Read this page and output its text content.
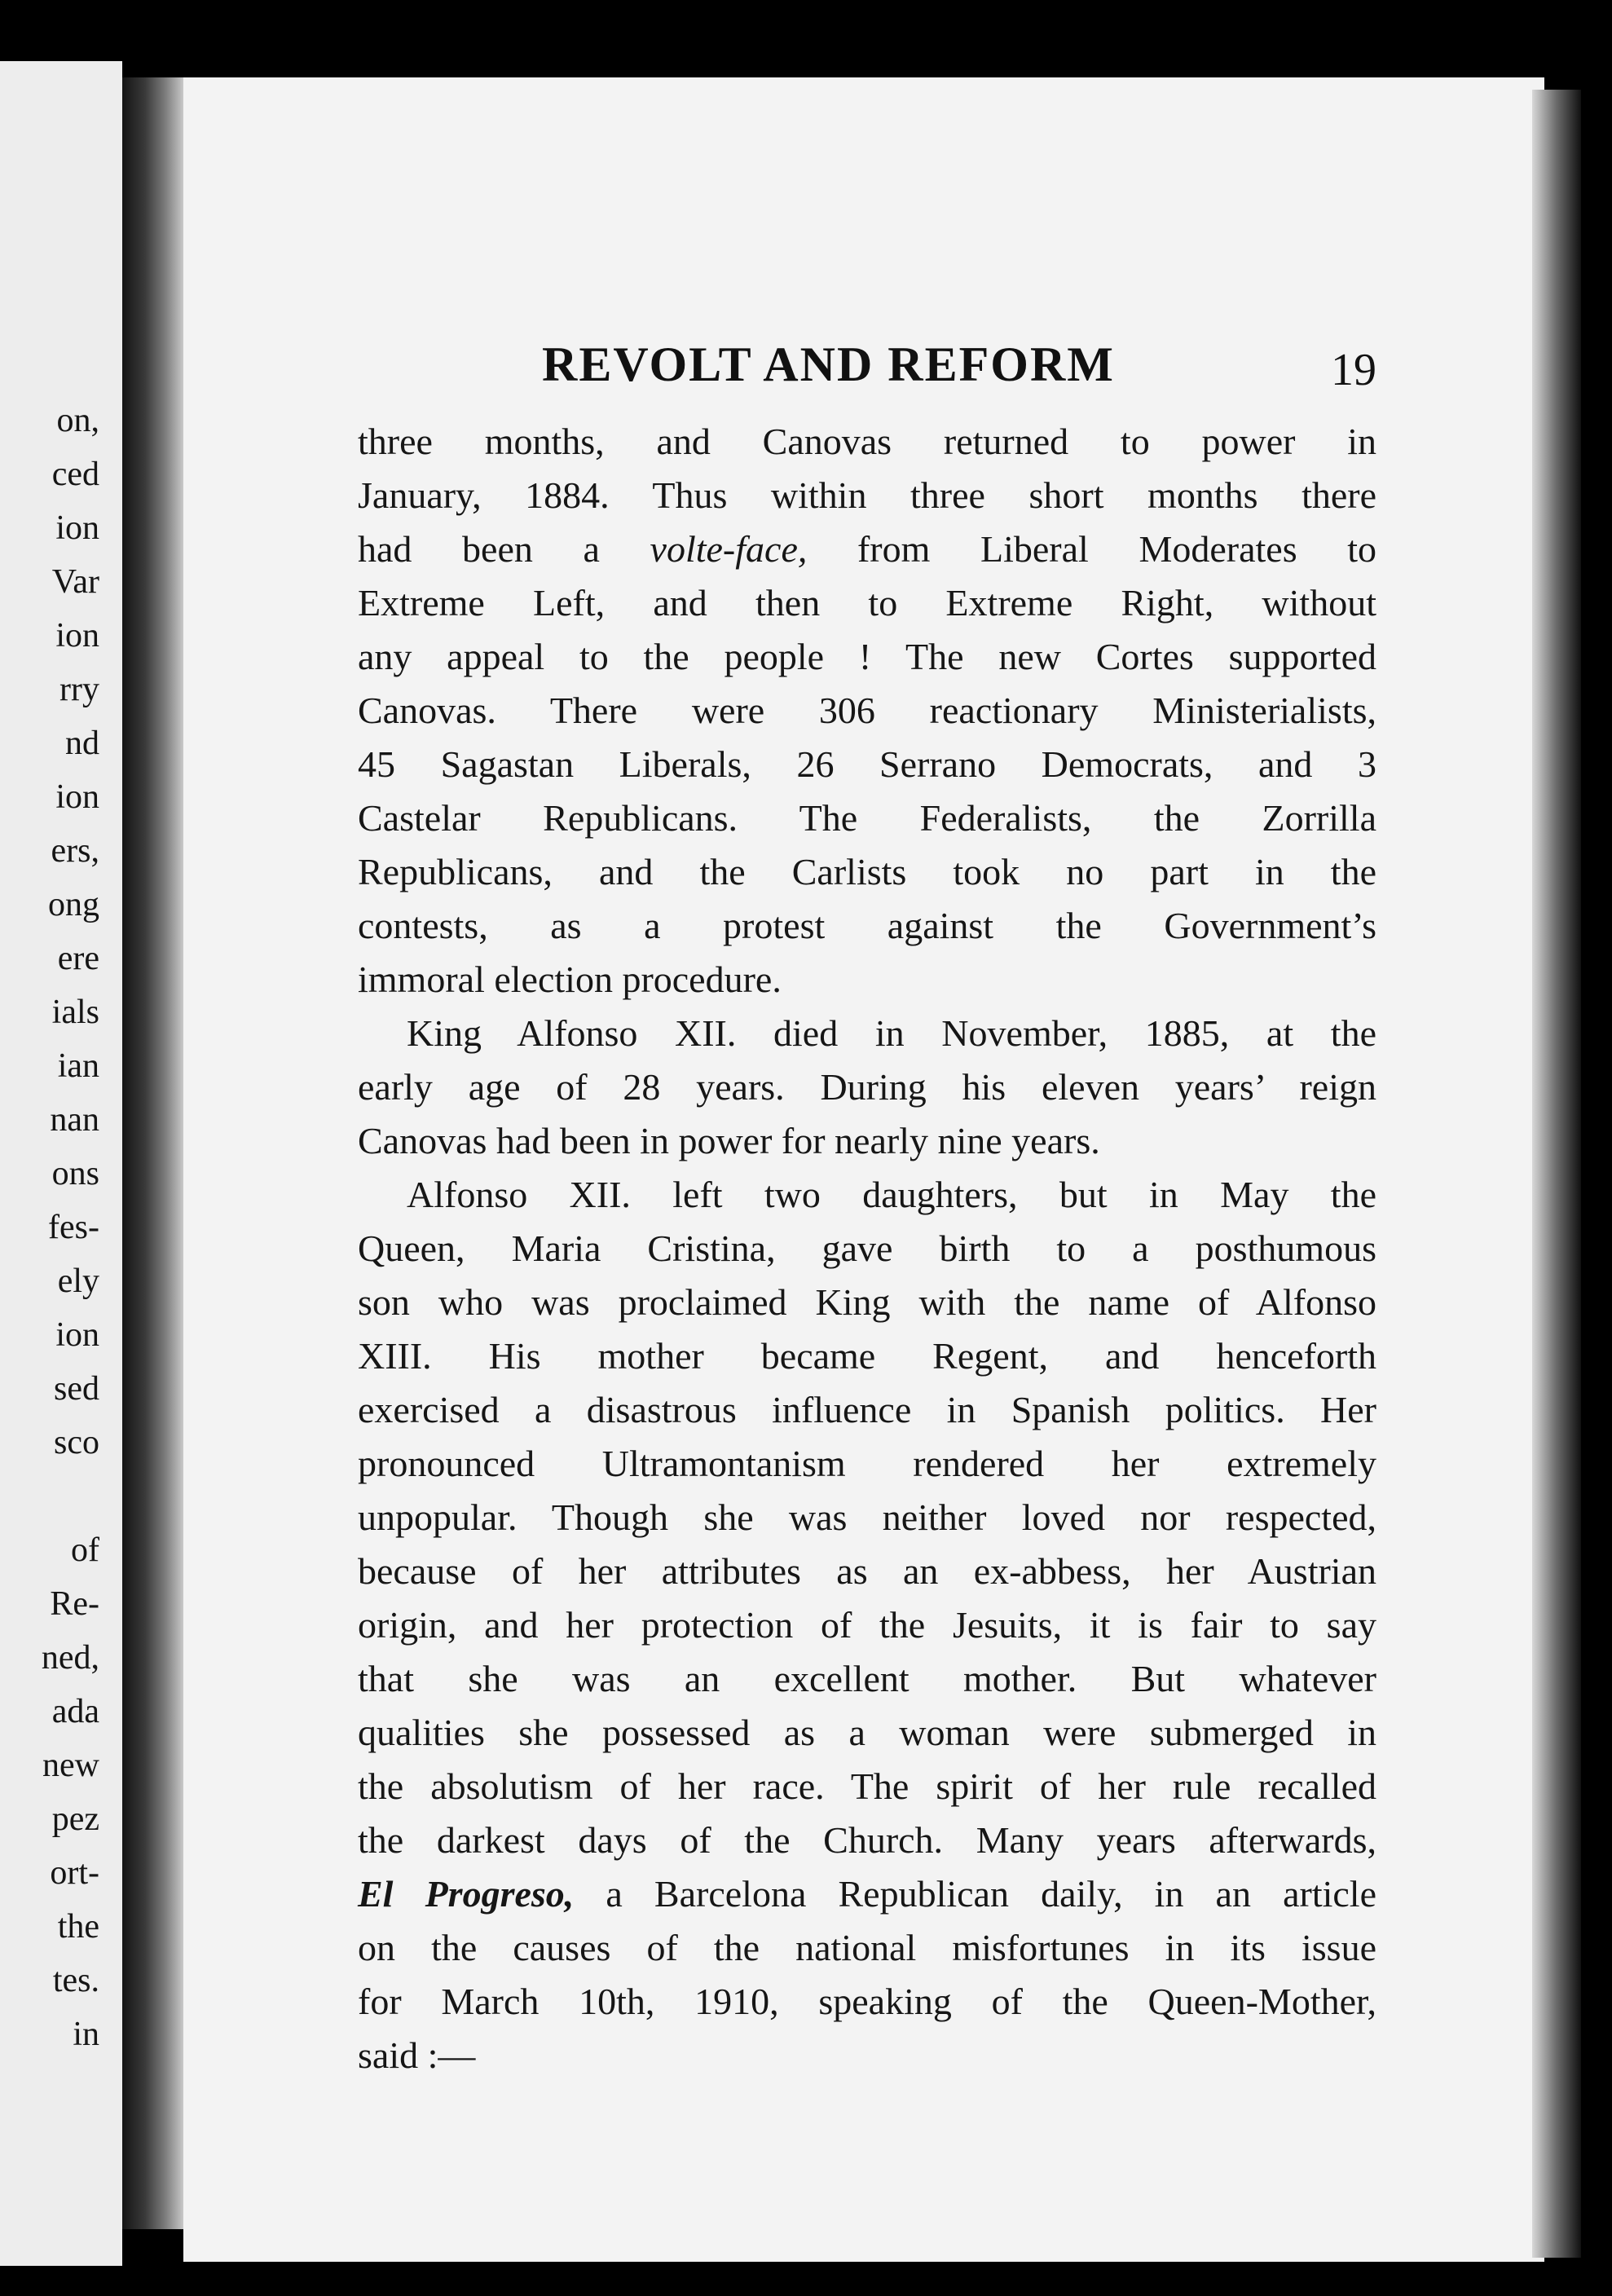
on,
ced
ion
Var
ion
rry
nd
ion
ers,
ong
ere
ials
ian
nan
ons
fes-
ely
ion
sed
sco
of
Re-
ned,
ada
new
pez
ort-
the
tes.
in
REVOLT AND REFORM	19
three months, and Canovas returned to power in
January, 1884. Thus within three short months there
had been a volte-face, from Liberal Moderates to
Extreme Left, and then to Extreme Right, without
any appeal to the people ! The new Cortes supported
Canovas. There were 306 reactionary Ministerialists,
45 Sagastan Liberals, 26 Serrano Democrats, and 3
Castelar Republicans. The Federalists, the Zorrilla
Republicans, and the Carlists took no part in the
contests, as a protest against the Government’s
immoral election procedure.
King Alfonso XII. died in November, 1885, at the
early age of 28 years. During his eleven years’ reign
Canovas had been in power for nearly nine years.
Alfonso XII. left two daughters, but in May the
Queen, Maria Cristina, gave birth to a posthumous
son who was proclaimed King with the name of Alfonso
XIII. His mother became Regent, and henceforth
exercised a disastrous influence in Spanish politics. Her
pronounced Ultramontanism rendered her extremely
unpopular. Though she was neither loved nor respected,
because of her attributes as an ex-abbess, her Austrian
origin, and her protection of the Jesuits, it is fair to say
that she was an excellent mother. But whatever
qualities she possessed as a woman were submerged in
the absolutism of her race. The spirit of her rule recalled
the darkest days of the Church. Many years afterwards,
El Progreso, a Barcelona Republican daily, in an article
on the causes of the national misfortunes in its issue
for March 10th, 1910, speaking of the Queen-Mother,
said :—
